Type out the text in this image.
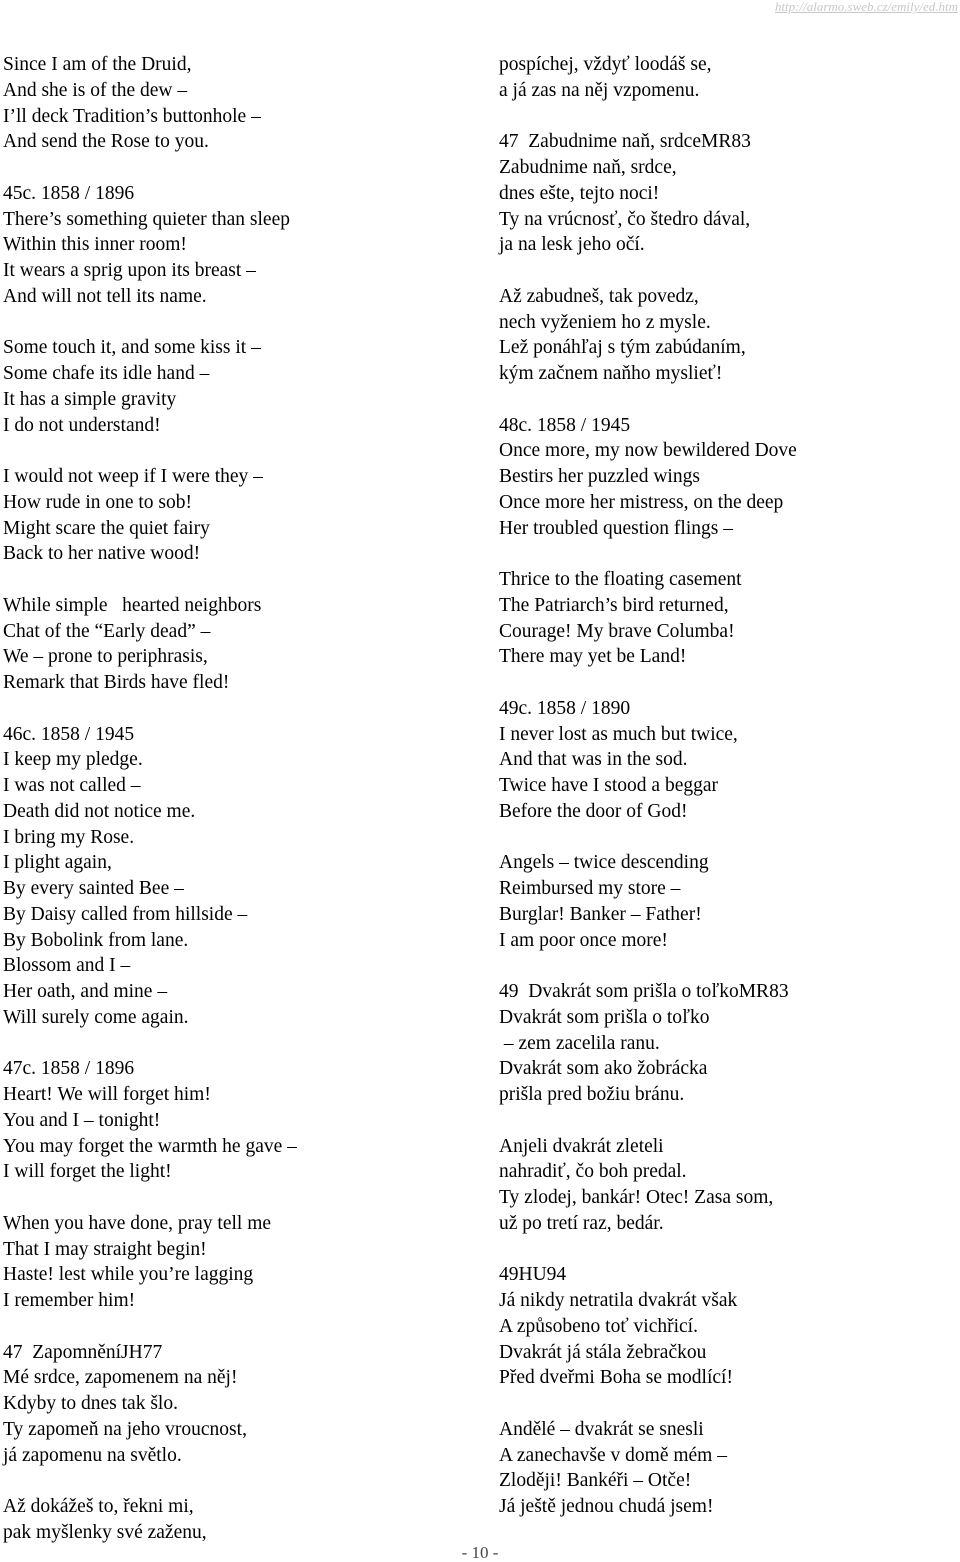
http://alarmo.sweb.cz/emily/ed.htm
Since I am of the Druid,
And she is of the dew –
I’ll deck Tradition’s buttonhole –
And send the Rose to you.
45c. 1858 / 1896
There’s something quieter than sleep
Within this inner room!
It wears a sprig upon its breast –
And will not tell its name.
Some touch it, and some kiss it –
Some chafe its idle hand –
It has a simple gravity
I do not understand!
I would not weep if I were they –
How rude in one to sob!
Might scare the quiet fairy
Back to her native wood!
While simple   hearted neighbors
Chat of the “Early dead” –
We – prone to periphrasis,
Remark that Birds have fled!
46c. 1858 / 1945
I keep my pledge.
I was not called –
Death did not notice me.
I bring my Rose.
I plight again,
By every sainted Bee –
By Daisy called from hillside –
By Bobolink from lane.
Blossom and I –
Her oath, and mine –
Will surely come again.
47c. 1858 / 1896
Heart! We will forget him!
You and I – tonight!
You may forget the warmth he gave –
I will forget the light!
When you have done, pray tell me
That I may straight begin!
Haste! lest while you’re lagging
I remember him!
47  ZapomněníJH77
Mé srdce, zapomenem na něj!
Kdyby to dnes tak šlo.
Ty zapomeň na jeho vroucnost,
já zapomenu na světlo.
Až dokážeš to, řekni mi,
pak myšlenky své zaženu,
pospíchej, vždyť loodáš se,
a já zas na něj vzpomenu.
47  Zabudnime naň, srdceMR83
Zabudnime naň, srdce,
dnes ešte, tejto noci!
Ty na vrúcnosť, čo štedro dával,
ja na lesk jeho očí.
Až zabudneš, tak povedz,
nech vyženiem ho z mysle.
Lež ponáhľaj s tým zabúdaním,
kým začnem naňho myslieť!
48c. 1858 / 1945
Once more, my now bewildered Dove
Bestirs her puzzled wings
Once more her mistress, on the deep
Her troubled question flings –
Thrice to the floating casement
The Patriarch’s bird returned,
Courage! My brave Columba!
There may yet be Land!
49c. 1858 / 1890
I never lost as much but twice,
And that was in the sod.
Twice have I stood a beggar
Before the door of God!
Angels – twice descending
Reimbursed my store –
Burglar! Banker – Father!
I am poor once more!
49  Dvakrát som prišla o toľkoMR83
Dvakrát som prišla o toľko
– zem zacelila ranu.
Dvakrát som ako žobrácka
prišla pred božiu bránu.
Anjeli dvakrát zleteli
nahradiť, čo boh predal.
Ty zlodej, bankár! Otec! Zasa som,
už po tretí raz, bedár.
49HU94
Já nikdy netratila dvakrát však
A způsobeno toť vichřicí.
Dvakrát já stála žebračkou
Před dveřmi Boha se modlící!
Andělé – dvakrát se snesli
A zanechavše v domě mém –
Zloději! Bankéři – Otče!
Já ještě jednou chudá jsem!
- 10 -
